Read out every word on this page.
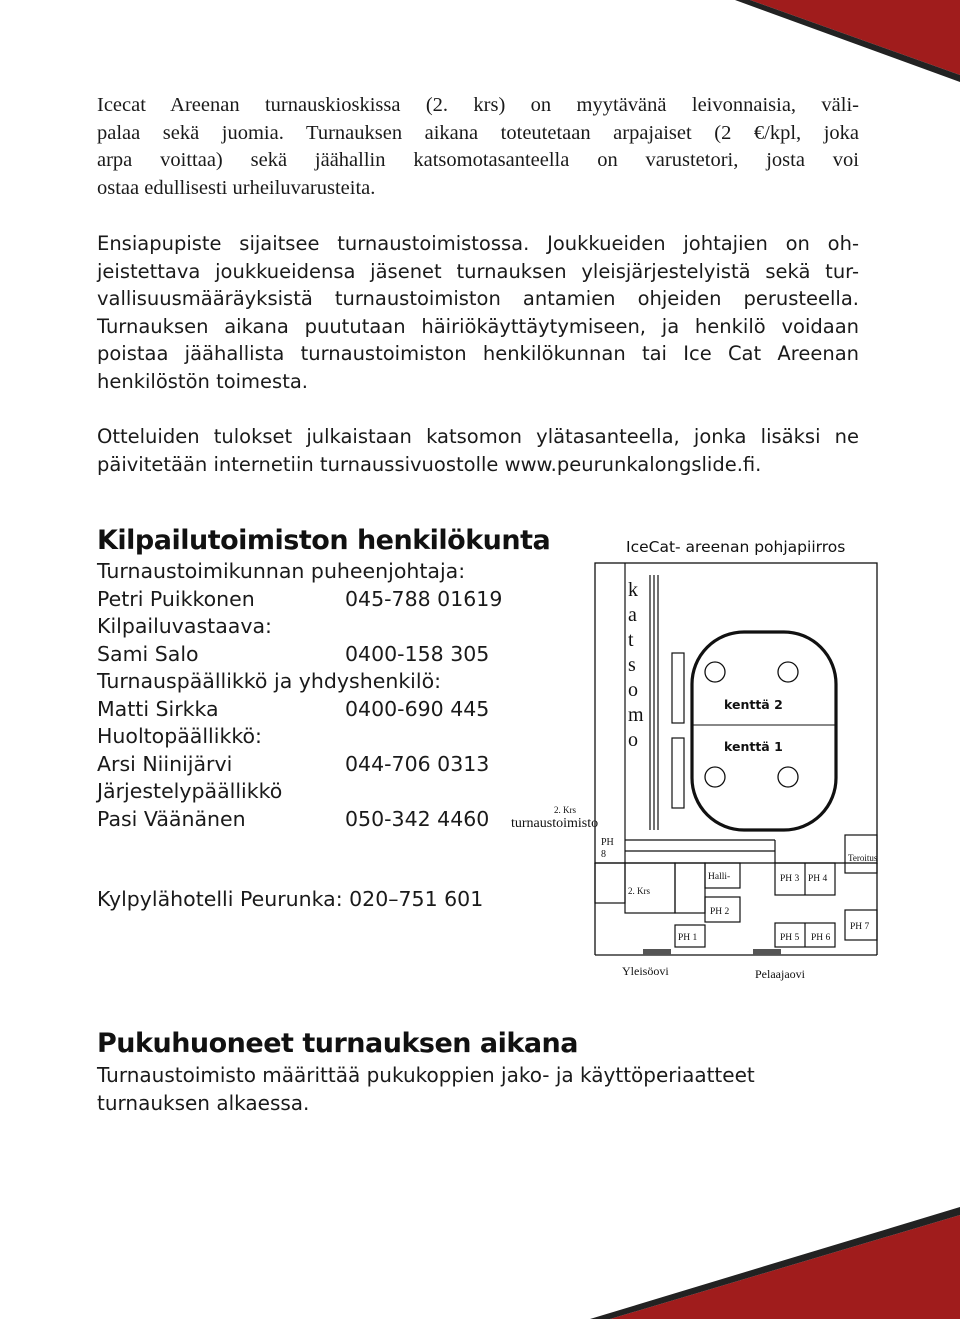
Icecat Areenan turnauskioskissa (2. krs) on myytävänä leivonnaisia, väli-
palaa sekä juomia. Turnauksen aikana toteutetaan arpajaiset (2 €/kpl, joka
arpa voittaa) sekä jäähallin katsomotasanteella on varustetori, josta voi
ostaa edullisesti urheiluvarusteita.
Ensiapupiste sijaitsee turnaustoimistossa. Joukkueiden johtajien on oh-
jeistettava joukkueidensa jäsenet turnauksen yleisjärjestelyistä sekä tur-
vallisuusmääräyksistä turnaustoimiston antamien ohjeiden perusteella.
Turnauksen aikana puututaan häiriökäyttäytymiseen, ja henkilö voidaan
poistaa jäähallista turnaustoimiston henkilökunnan tai Ice Cat Areenan
henkilöstön toimesta.
Otteluiden tulokset julkaistaan katsomon ylätasanteella, jonka lisäksi ne
päivitetään internetiin turnaussivuostolle www.peurunkalongslide.fi.
Kilpailutoimiston henkilökunta
Turnaustoimikunnan puheenjohtaja:
Petri Puikkonen	045-788 01619
Kilpailuvastaava:
Sami Salo	0400-158 305
Turnauspäällikkö ja yhdyshenkilö:
Matti Sirkka	0400-690 445
Huoltopäällikkö:
Arsi Niinijärvi	044-706 0313
Järjestelypäällikkö
Pasi Väänänen	050-342 4460
Kylpylähotelli Peurunka: 020–751 601
IceCat- areenan pohjapiirros
k
a
t
s
o
m
o
kenttä 2
kenttä 1
2. Krs
turnaustoimisto
PH
8
2. Krs
Halli-
PH 2
PH 1
PH 3 PH 4
PH 5 PH 6
Teroitus
PH 7
Yleisöovi	Pelaajaovi
Pukuhuoneet turnauksen aikana
Turnaustoimisto määrittää pukukoppien jako- ja käyttöperiaatteet
turnauksen alkaessa.
